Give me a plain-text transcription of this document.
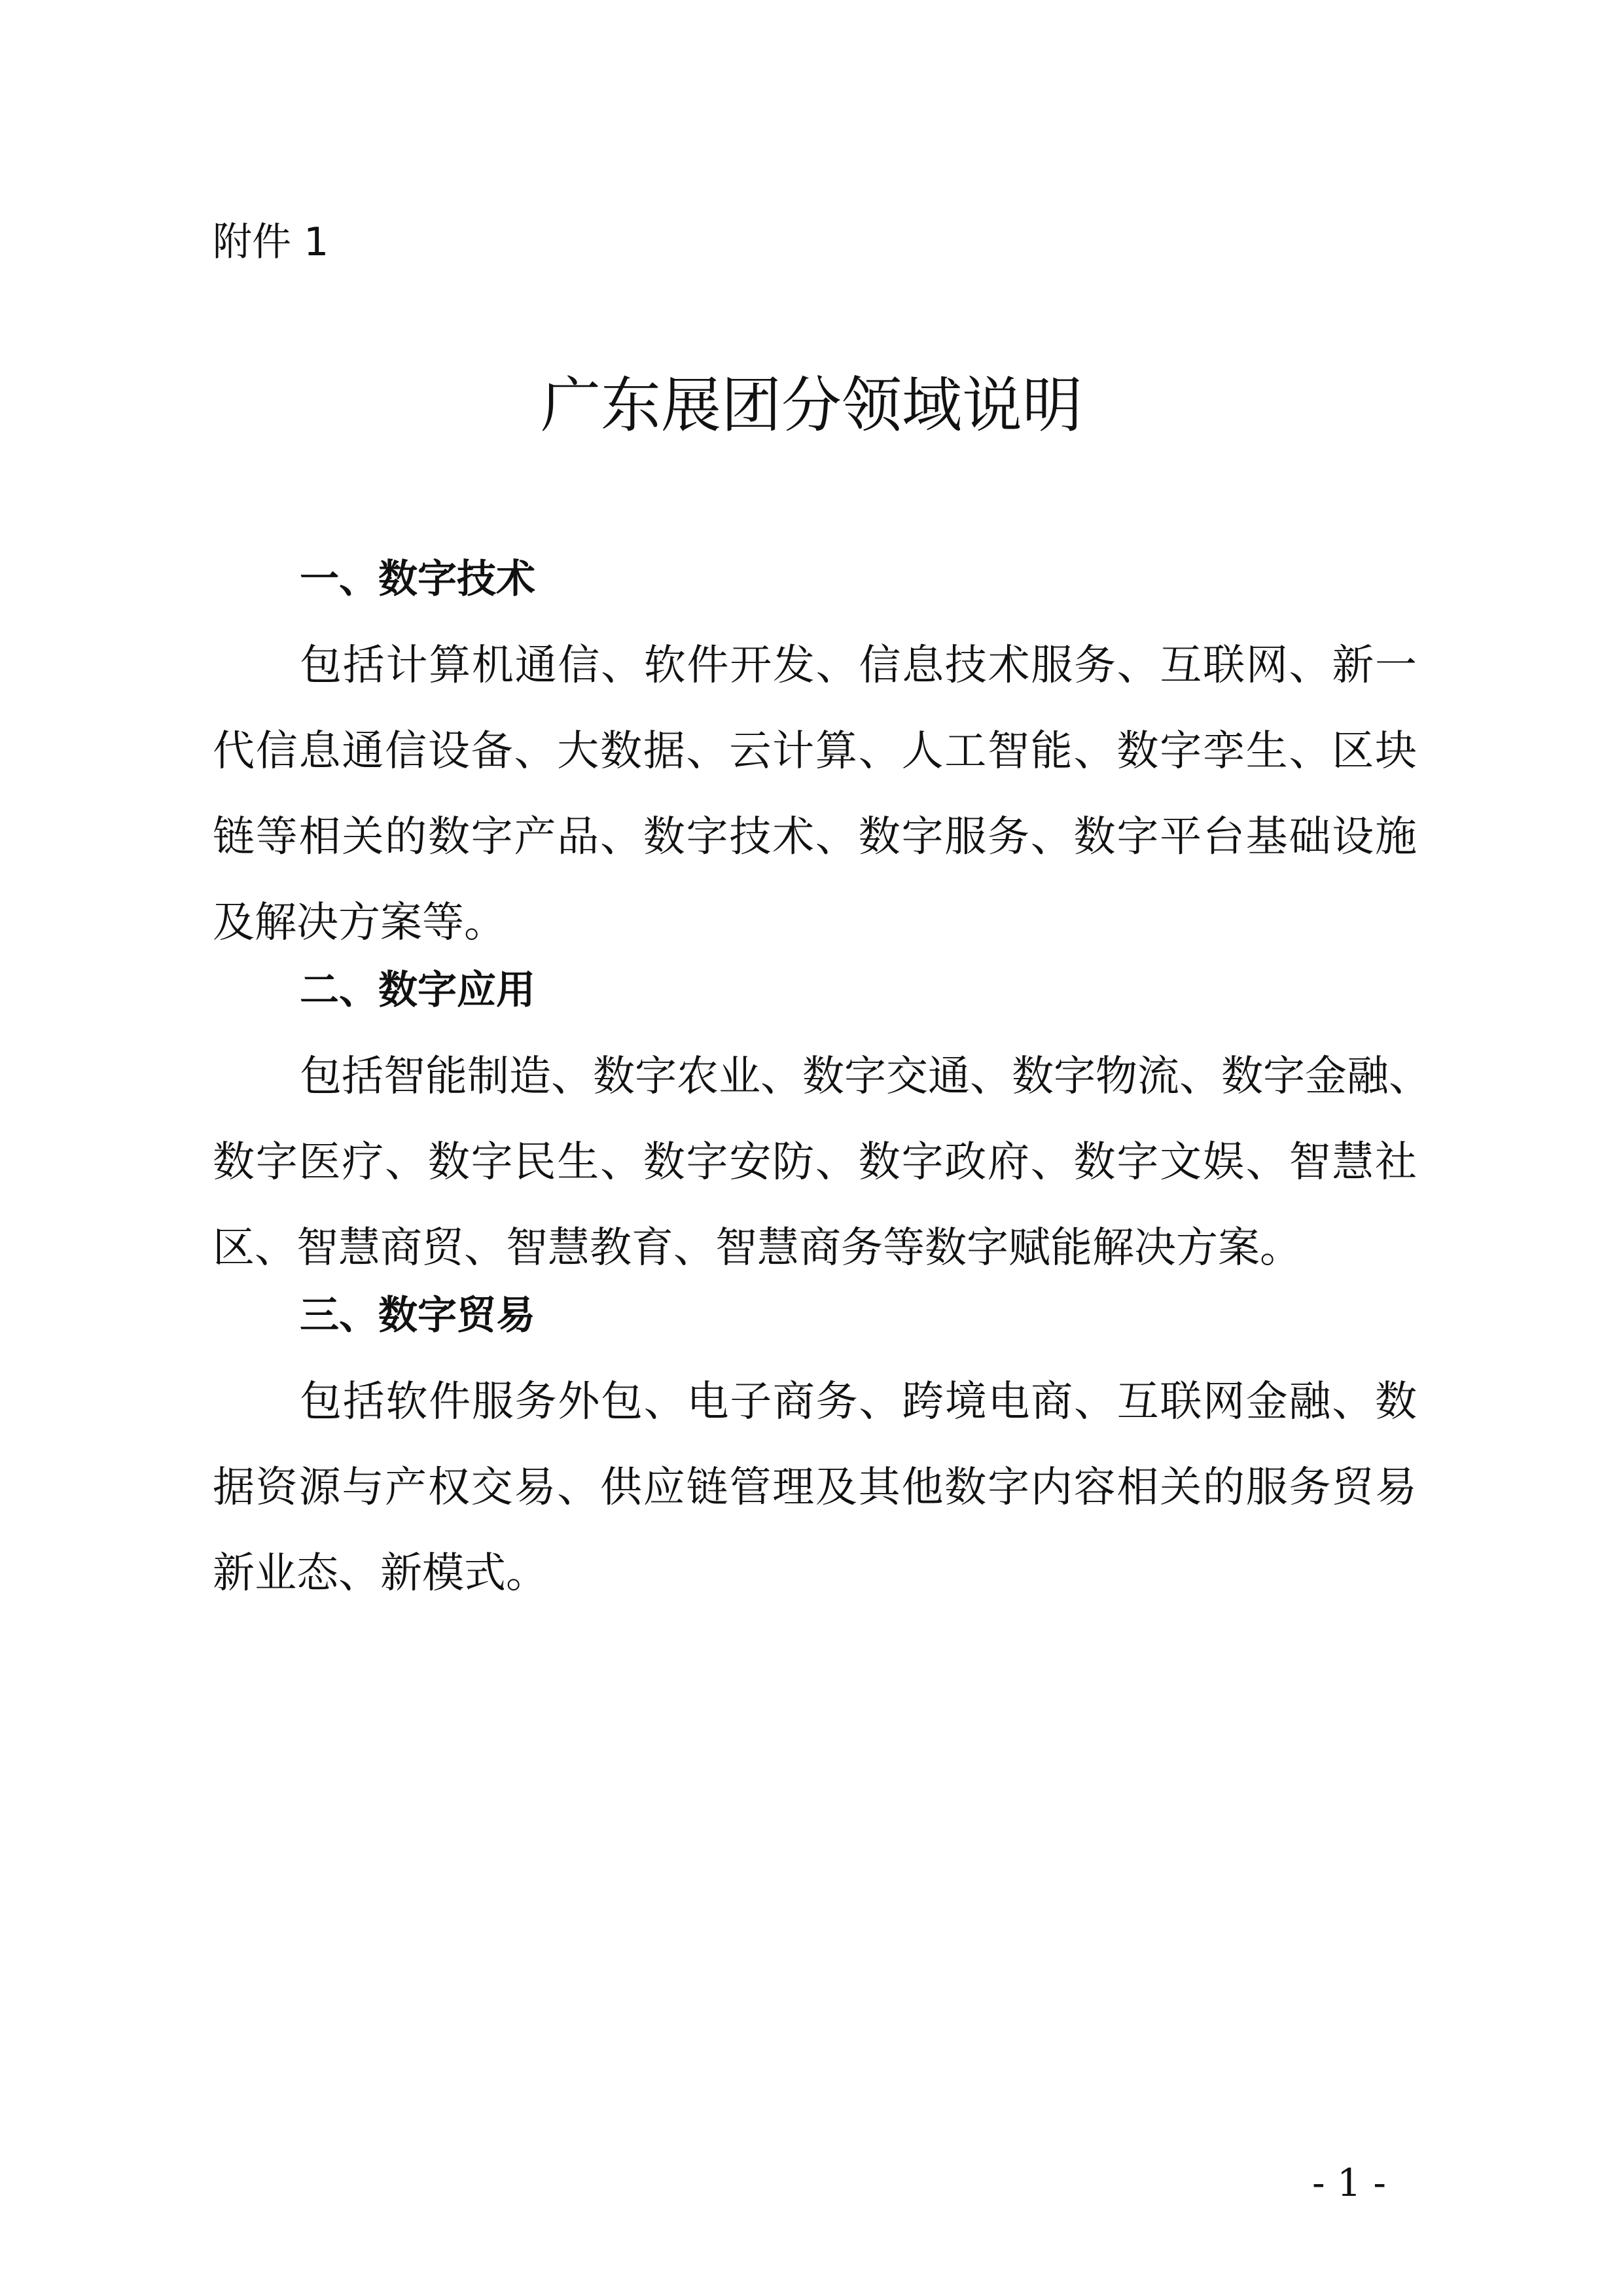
附件 1
广东展团分领域说明
一、数字技术
包括计算机通信、软件开发、信息技术服务、互联网、新一
代信息通信设备、大数据、云计算、人工智能、数字孪生、区块
链等相关的数字产品、数字技术、数字服务、数字平台基础设施
及解决方案等。
二、数字应用
包括智能制造、数字农业、数字交通、数字物流、数字金融、
数字医疗、数字民生、数字安防、数字政府、数字文娱、智慧社
区、智慧商贸、智慧教育、智慧商务等数字赋能解决方案。
三、数字贸易
包括软件服务外包、电子商务、跨境电商、互联网金融、数
据资源与产权交易、供应链管理及其他数字内容相关的服务贸易
新业态、新模式。
- 1 -
